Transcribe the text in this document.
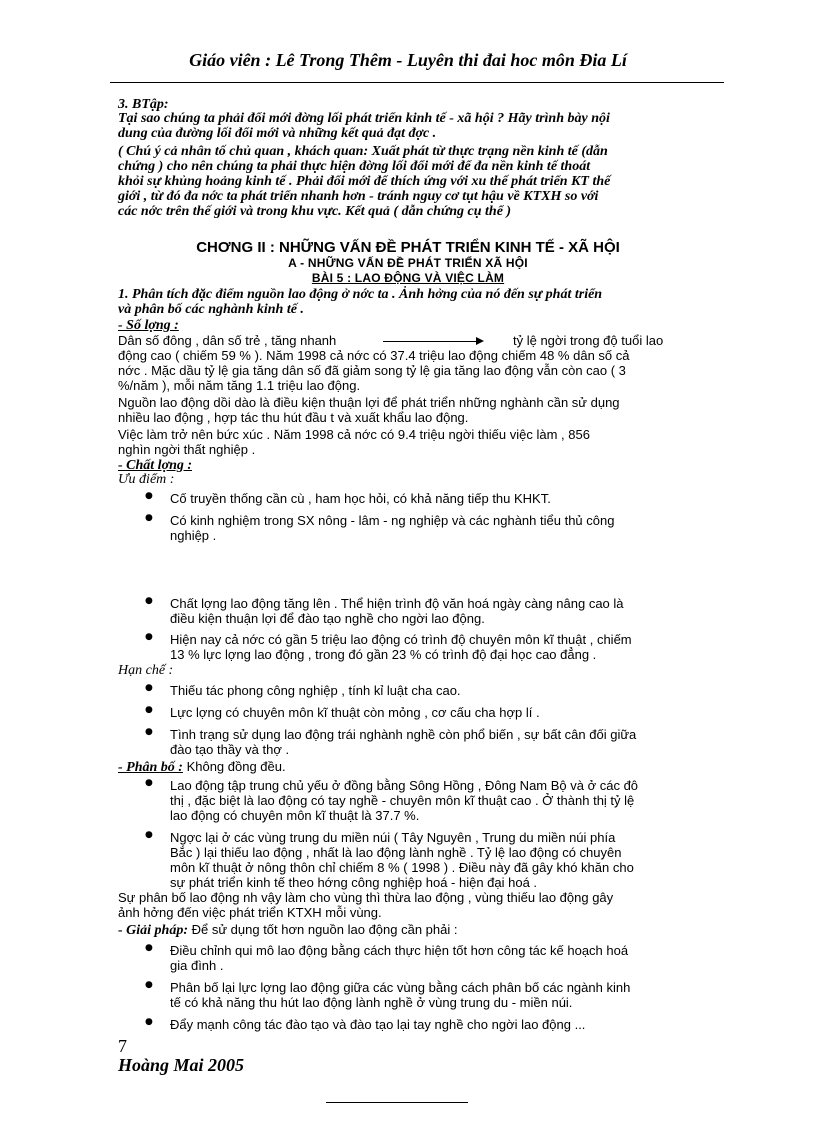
Giáo viên : Lê Trong Thêm - Luyên thi đai hoc môn Đia Lí
3. BTập:
Tại sao chúng ta phải đổi mới đờng lối phát triển kinh tế - xã hội ? Hãy trình bày nội
dung của đường lối đổi mới và những kết quả đạt đợc .
( Chú ý cả nhân tố chủ quan , khách quan: Xuất phát từ thực trạng nền kinh tế (dẫn
chứng ) cho nên chúng ta phải thực hiện đờng lối đổi mới để đa nền kinh tế thoát
khỏi sự khủng hoảng kinh tế . Phải đổi mới để thích ứng với xu thế phát triển KT thế
giới , từ đó đa nớc ta phát triển nhanh hơn - tránh nguy cơ tụt hậu về KTXH so với
các nớc trên thế giới và trong khu vực. Kết quả ( dẫn chứng cụ thể )
CHƠNG II : NHỮNG VẤN ĐỀ PHÁT TRIỂN KINH TẾ - XÃ HỘI
A - NHỮNG VẤN ĐỀ PHÁT TRIỂN XÃ HỘI
BÀI 5 : LAO ĐỘNG VÀ VIỆC LÀM
1. Phân tích đặc điểm nguồn lao động ở nớc ta . Ảnh hởng của nó đến sự phát triển
và phân bố các nghành kinh tế .
- Số lợng :
Dân số đông , dân số trẻ , tăng nhanh	tỷ lệ ngời trong độ tuổi lao
động cao ( chiếm 59 % ). Năm 1998 cả nớc có 37.4 triệu lao động chiếm 48 % dân số cả
nớc . Mặc dầu tỷ lệ gia tăng dân số đã giảm song tỷ lệ gia tăng lao động vẫn còn cao ( 3
%/năm ), mỗi năm tăng 1.1 triệu lao động.
Nguồn lao động dồi dào là điều kiện thuận lợi để phát triển những nghành cần sử dụng
nhiều lao động , hợp tác thu hút đầu t và xuất khẩu lao động.
Việc làm trở nên bức xúc . Năm 1998 cả nớc có 9.4 triệu ngời thiếu việc làm , 856
nghìn ngời thất nghiệp .
- Chất lợng :
Ưu điểm :
● Cố truyền thống cần cù , ham học hỏi, có khả năng tiếp thu KHKT.
● Có kinh nghiệm trong SX nông - lâm - ng nghiệp và các nghành tiểu thủ công
nghiệp .
● Chất lợng lao động tăng lên . Thể hiện trình độ văn hoá ngày càng nâng cao là
điều kiện thuận lợi để đào tạo nghề cho ngời lao động.
● Hiện nay cả nớc có gần 5 triệu lao động có trình độ chuyên môn kĩ thuật , chiếm
13 % lực lợng lao động , trong đó gần 23 % có trình độ đại học cao đẳng .
Hạn chế :
● Thiếu tác phong công nghiệp , tính kỉ luật cha cao.
● Lực lợng có chuyên môn kĩ thuật còn mỏng , cơ cấu cha hợp lí .
● Tình trạng sử dụng lao động trái nghành nghề còn phổ biến , sự bất cân đối giữa
đào tạo thầy và thợ .
- Phân bố : Không đồng đều.
● Lao động tập trung chủ yếu ở đồng bằng Sông Hồng , Đông Nam Bộ và ở các đô
thị , đặc biệt là lao động có tay nghề - chuyên môn kĩ thuật cao . Ở thành thị tỷ lệ
lao động có chuyên môn kĩ thuật là 37.7 %.
● Ngợc lại ở các vùng trung du miền núi ( Tây Nguyên , Trung du miền núi phía
Bắc ) lại thiếu lao động , nhất là lao động lành nghề . Tỷ lệ lao động có chuyên
môn kĩ thuật ở nông thôn chỉ chiếm 8 % ( 1998 ) . Điều này đã gây khó khăn cho
sự phát triển kinh tế theo hớng công nghiệp hoá - hiện đại hoá .
Sự phân bố lao động nh vậy làm cho vùng thì thừa lao động , vùng thiếu lao động gây
ảnh hởng đến việc phát triển KTXH mỗi vùng.
- Giải pháp: Để sử dụng tốt hơn nguồn lao động cần phải :
● Điều chỉnh qui mô lao động bằng cách thực hiện tốt hơn công tác kế hoạch hoá
gia đình .
● Phân bố lại lực lợng lao động giữa các vùng bằng cách phân bố các ngành kinh
tế có khả năng thu hút lao động lành nghề ở vùng trung du - miền núi.
● Đẩy mạnh công tác đào tạo và đào tạo lại tay nghề cho ngời lao động ...
7
Hoàng Mai 2005
